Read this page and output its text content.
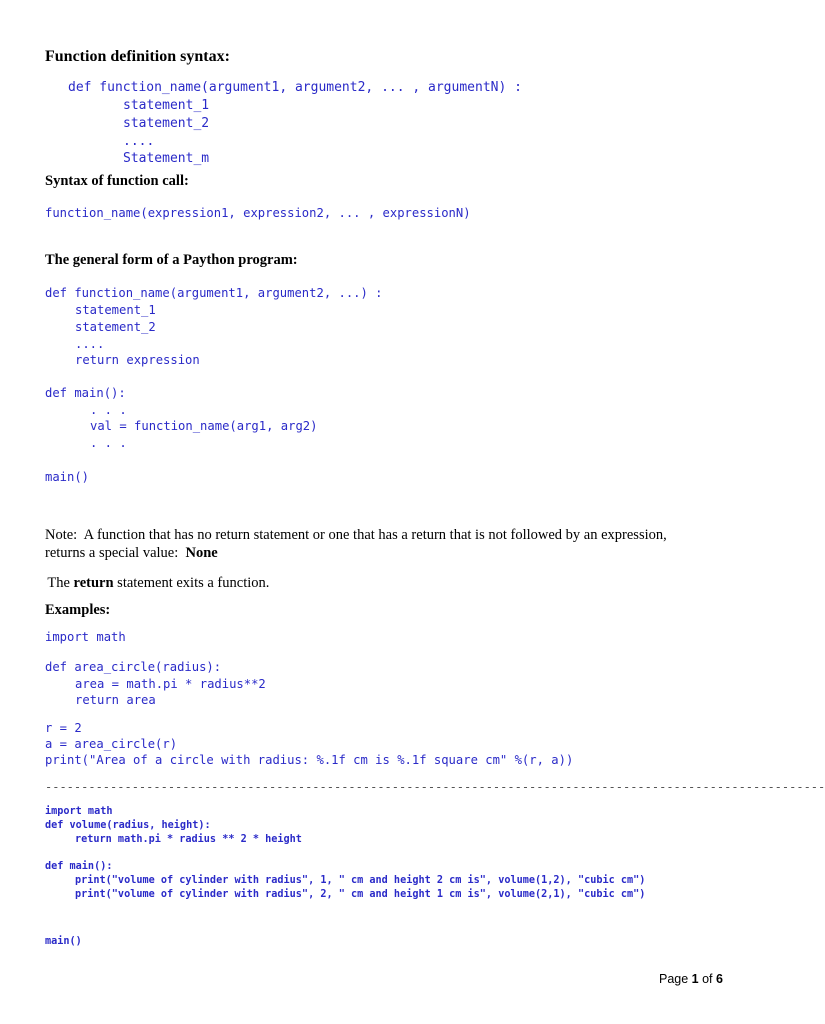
Function definition syntax:
def function_name(argument1, argument2, ... , argumentN) :
statement_1
statement_2
....
Statement_m
Syntax of function call:
function_name(expression1, expression2, ... , expressionN)
The general form of a Paython program:
def function_name(argument1, argument2, ...) :
statement_1
statement_2
....
return expression
def main():
. . .
val = function_name(arg1, arg2)
. . .
main()
Note:  A function that has no return statement or one that has a return that is not followed by an expression,
returns a special value:  None
The return statement exits a function.
Examples:
import math
def area_circle(radius):
area = math.pi * radius**2
return area
r = 2
a = area_circle(r)
print("Area of a circle with radius: %.1f cm is %.1f square cm" %(r, a))
------------------------------------------------------------------------------------------------------------
import math
def volume(radius, height):
return math.pi * radius ** 2 * height
def main():
print("volume of cylinder with radius", 1, " cm and height 2 cm is", volume(1,2), "cubic cm")
print("volume of cylinder with radius", 2, " cm and height 1 cm is", volume(2,1), "cubic cm")
main()
Page 1 of 6
